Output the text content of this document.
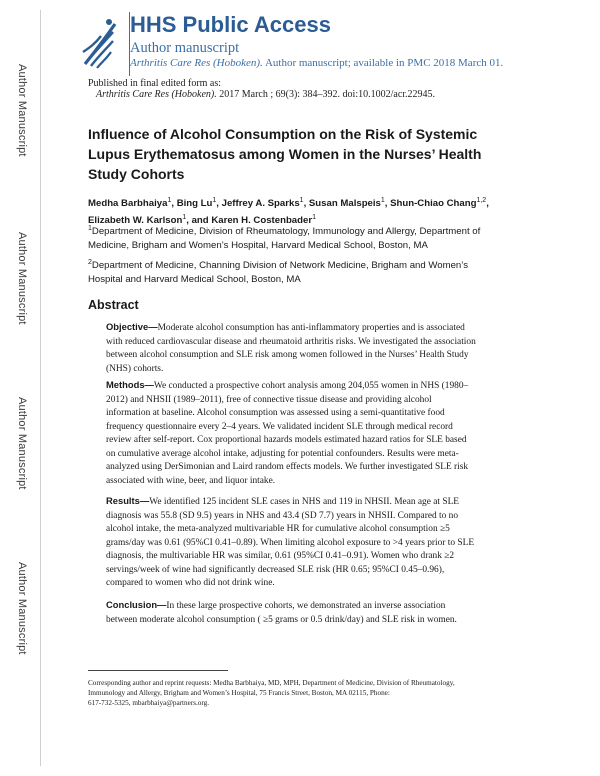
Author Manuscript
Author Manuscript
Author Manuscript
Author Manuscript
HHS Public Access
Author manuscript
Arthritis Care Res (Hoboken). Author manuscript; available in PMC 2018 March 01.
Published in final edited form as:
Arthritis Care Res (Hoboken). 2017 March ; 69(3): 384–392. doi:10.1002/acr.22945.
Influence of Alcohol Consumption on the Risk of Systemic
Lupus Erythematosus among Women in the Nurses’ Health
Study Cohorts
Medha Barbhaiya$^1$, Bing Lu$^1$, Jeffrey A. Sparks$^1$, Susan Malspeis$^1$, Shun-Chiao Chang$^{1,2}$,
Elizabeth W. Karlson$^1$, and Karen H. Costenbader$^1$
$^1$Department of Medicine, Division of Rheumatology, Immunology and Allergy, Department of
Medicine, Brigham and Women’s Hospital, Harvard Medical School, Boston, MA
$^2$Department of Medicine, Channing Division of Network Medicine, Brigham and Women’s
Hospital and Harvard Medical School, Boston, MA
Abstract
Objective—Moderate alcohol consumption has anti-inflammatory properties and is associated
with reduced cardiovascular disease and rheumatoid arthritis risks. We investigated the association
between alcohol consumption and SLE risk among women followed in the Nurses’ Health Study
(NHS) cohorts.
Methods—We conducted a prospective cohort analysis among 204,055 women in NHS (1980–
2012) and NHSII (1989–2011), free of connective tissue disease and providing alcohol
information at baseline. Alcohol consumption was assessed using a semi-quantitative food
frequency questionnaire every 2–4 years. We validated incident SLE through medical record
review after self-report. Cox proportional hazards models estimated hazard ratios for SLE based
on cumulative average alcohol intake, adjusting for potential confounders. Results were meta-
analyzed using DerSimonian and Laird random effects models. We further investigated SLE risk
associated with wine, beer, and liquor intake.
Results—We identified 125 incident SLE cases in NHS and 119 in NHSII. Mean age at SLE
diagnosis was 55.8 (SD 9.5) years in NHS and 43.4 (SD 7.7) years in NHSII. Compared to no
alcohol intake, the meta-analyzed multivariable HR for cumulative alcohol consumption ≥5
grams/day was 0.61 (95%CI 0.41–0.89). When limiting alcohol exposure to >4 years prior to SLE
diagnosis, the multivariable HR was similar, 0.61 (95%CI 0.41–0.91). Women who drank ≥2
servings/week of wine had significantly decreased SLE risk (HR 0.65; 95%CI 0.45–0.96),
compared to women who did not drink wine.
Conclusion—In these large prospective cohorts, we demonstrated an inverse association
between moderate alcohol consumption ( ≥5 grams or 0.5 drink/day) and SLE risk in women.
Corresponding author and reprint requests: Medha Barbhaiya, MD, MPH, Department of Medicine, Division of Rheumatology,
Immunology and Allergy, Brigham and Women’s Hospital, 75 Francis Street, Boston, MA 02115, Phone:
617-732-5325, mbarbhaiya@partners.org.
